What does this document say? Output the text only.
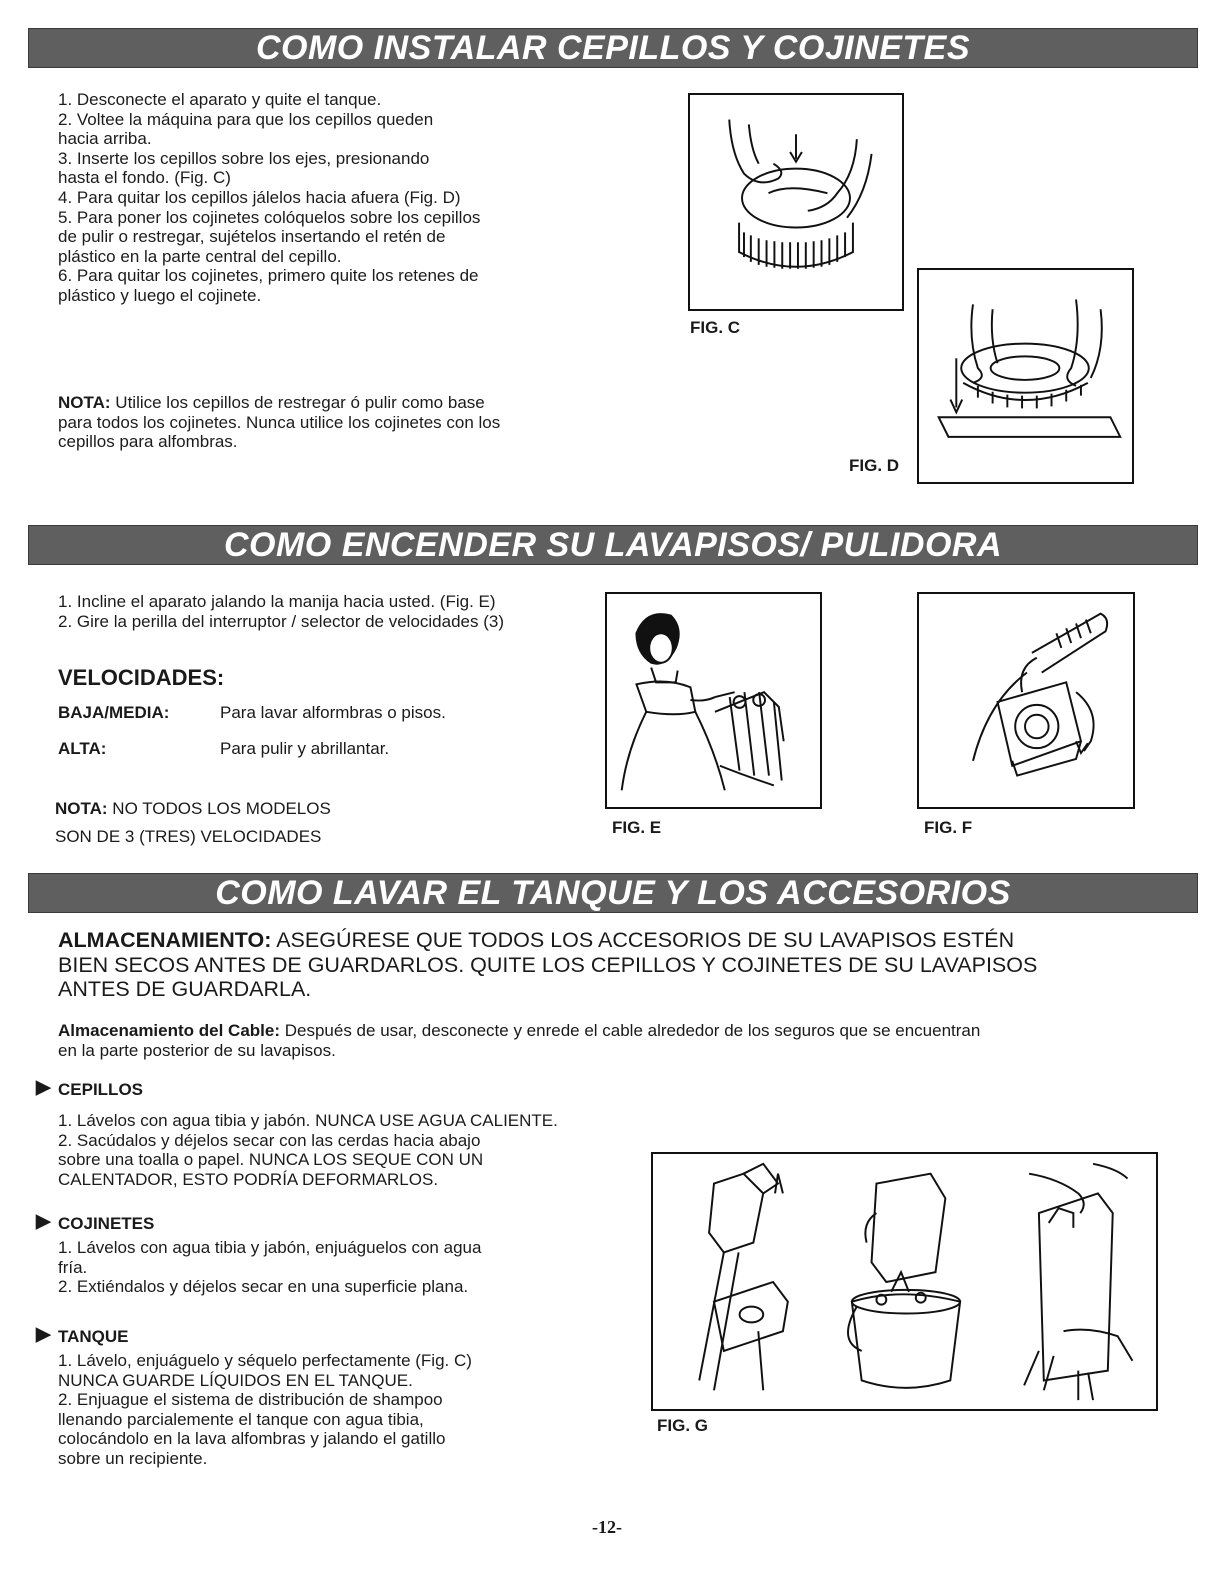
COMO INSTALAR CEPILLOS Y COJINETES

1. Desconecte el aparato y quite el tanque.

2. Voltee la máquina para que los cepillos queden

hacia arriba.

3. Inserte los cepillos sobre los ejes, presionando

hasta el fondo. (Fig. C)

4. Para quitar los cepillos jálelos hacia afuera (Fig. D)

5. Para poner los cojinetes colóquelos sobre los cepillos

de pulir o restregar, sujételos insertando el retén de

plástico en la parte central del cepillo.

6. Para quitar los cojinetes, primero quite los retenes de

plástico y luego el cojinete.

NOTA: Utilice los cepillos de restregar ó pulir como base

para todos los cojinetes. Nunca utilice los cojinetes con los

cepillos para alfombras.

FIG. C
FIG. D
COMO ENCENDER SU LAVAPISOS/ PULIDORA

1. Incline el aparato jalando la manija hacia usted. (Fig. E)

2. Gire la perilla del interruptor / selector de velocidades (3)

VELOCIDADES:
BAJA/MEDIA:	Para lavar alformbras o pisos.
ALTA:	Para pulir y abrillantar.
NOTA: NO TODOS LOS MODELOS
SON DE 3 (TRES) VELOCIDADES	FIG. E	FIG. F
COMO LAVAR EL TANQUE Y LOS ACCESORIOS
ALMACENAMIENTO: ASEGÚRESE QUE TODOS LOS ACCESORIOS DE SU LAVAPISOS ESTÉN
BIEN SECOS ANTES DE GUARDARLOS. QUITE LOS CEPILLOS Y COJINETES DE SU LAVAPISOS
ANTES DE GUARDARLA.
Almacenamiento del Cable: Después de usar, desconecte y enrede el cable alrededor de los seguros que se encuentran
en la parte posterior de su lavapisos.
▶ CEPILLOS

1. Lávelos con agua tibia y jabón. NUNCA USE AGUA CALIENTE.

2. Sacúdalos y déjelos secar con las cerdas hacia abajo

sobre una toalla o papel. NUNCA LOS SEQUE CON UN

CALENTADOR, ESTO PODRÍA DEFORMARLOS.

▶ COJINETES

1. Lávelos con agua tibia y jabón, enjuáguelos con agua

fría.

2. Extiéndalos y déjelos secar en una superficie plana.

▶ TANQUE

1. Lávelo, enjuáguelo y séquelo perfectamente (Fig. C)

NUNCA GUARDE LÍQUIDOS EN EL TANQUE.

2. Enjuague el sistema de distribución de shampoo

llenando parcialemente el tanque con agua tibia,

colocándolo en la lava alfombras y jalando el gatillo

sobre un recipiente.

FIG. G
-12-
